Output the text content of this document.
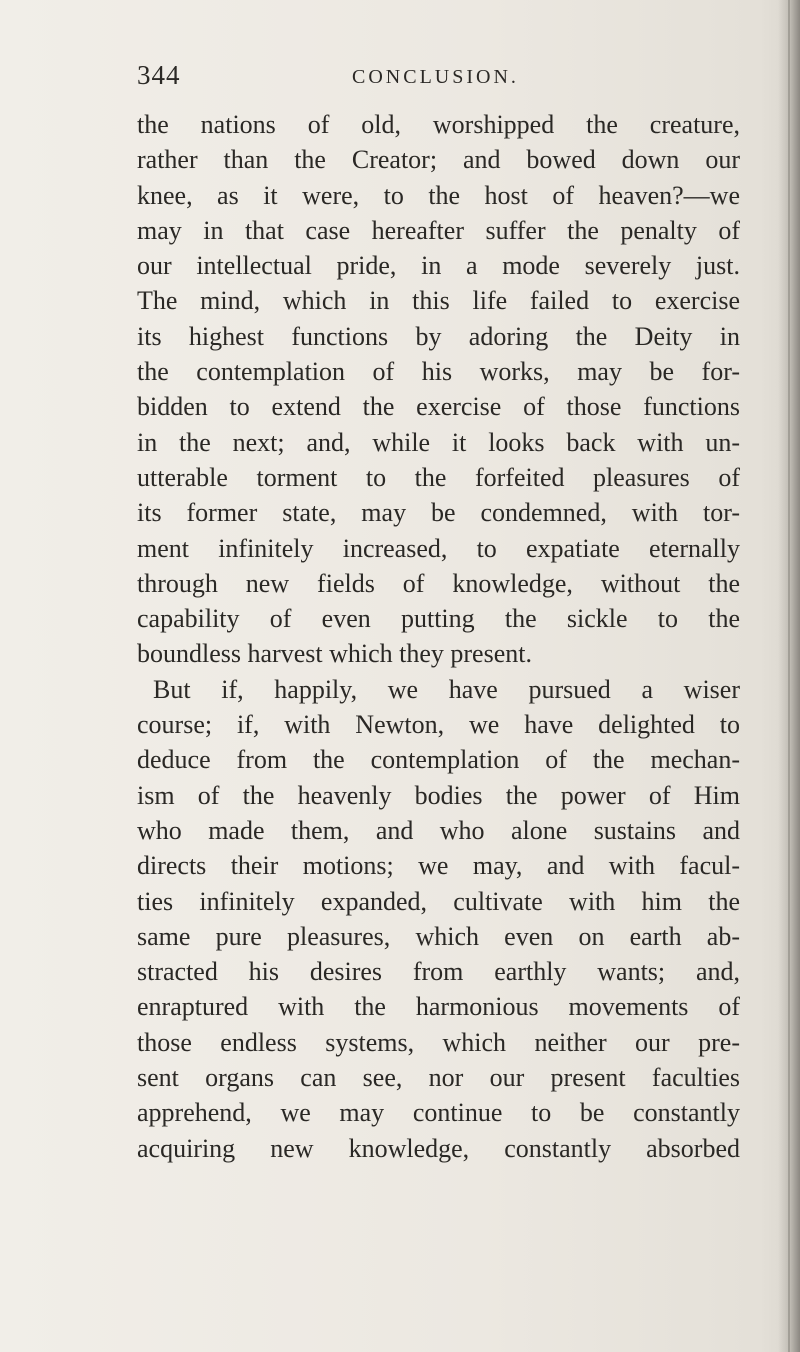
344	CONCLUSION.
the nations of old, worshipped the creature,
rather than the Creator; and bowed down our
knee, as it were, to the host of heaven?—we
may in that case hereafter suffer the penalty of
our intellectual pride, in a mode severely just.
The mind, which in this life failed to exercise
its highest functions by adoring the Deity in
the contemplation of his works, may be for-
bidden to extend the exercise of those functions
in the next; and, while it looks back with un-
utterable torment to the forfeited pleasures of
its former state, may be condemned, with tor-
ment infinitely increased, to expatiate eternally
through new fields of knowledge, without the
capability of even putting the sickle to the
boundless harvest which they present.
But if, happily, we have pursued a wiser
course; if, with Newton, we have delighted to
deduce from the contemplation of the mechan-
ism of the heavenly bodies the power of Him
who made them, and who alone sustains and
directs their motions; we may, and with facul-
ties infinitely expanded, cultivate with him the
same pure pleasures, which even on earth ab-
stracted his desires from earthly wants; and,
enraptured with the harmonious movements of
those endless systems, which neither our pre-
sent organs can see, nor our present faculties
apprehend, we may continue to be constantly
acquiring new knowledge, constantly absorbed
